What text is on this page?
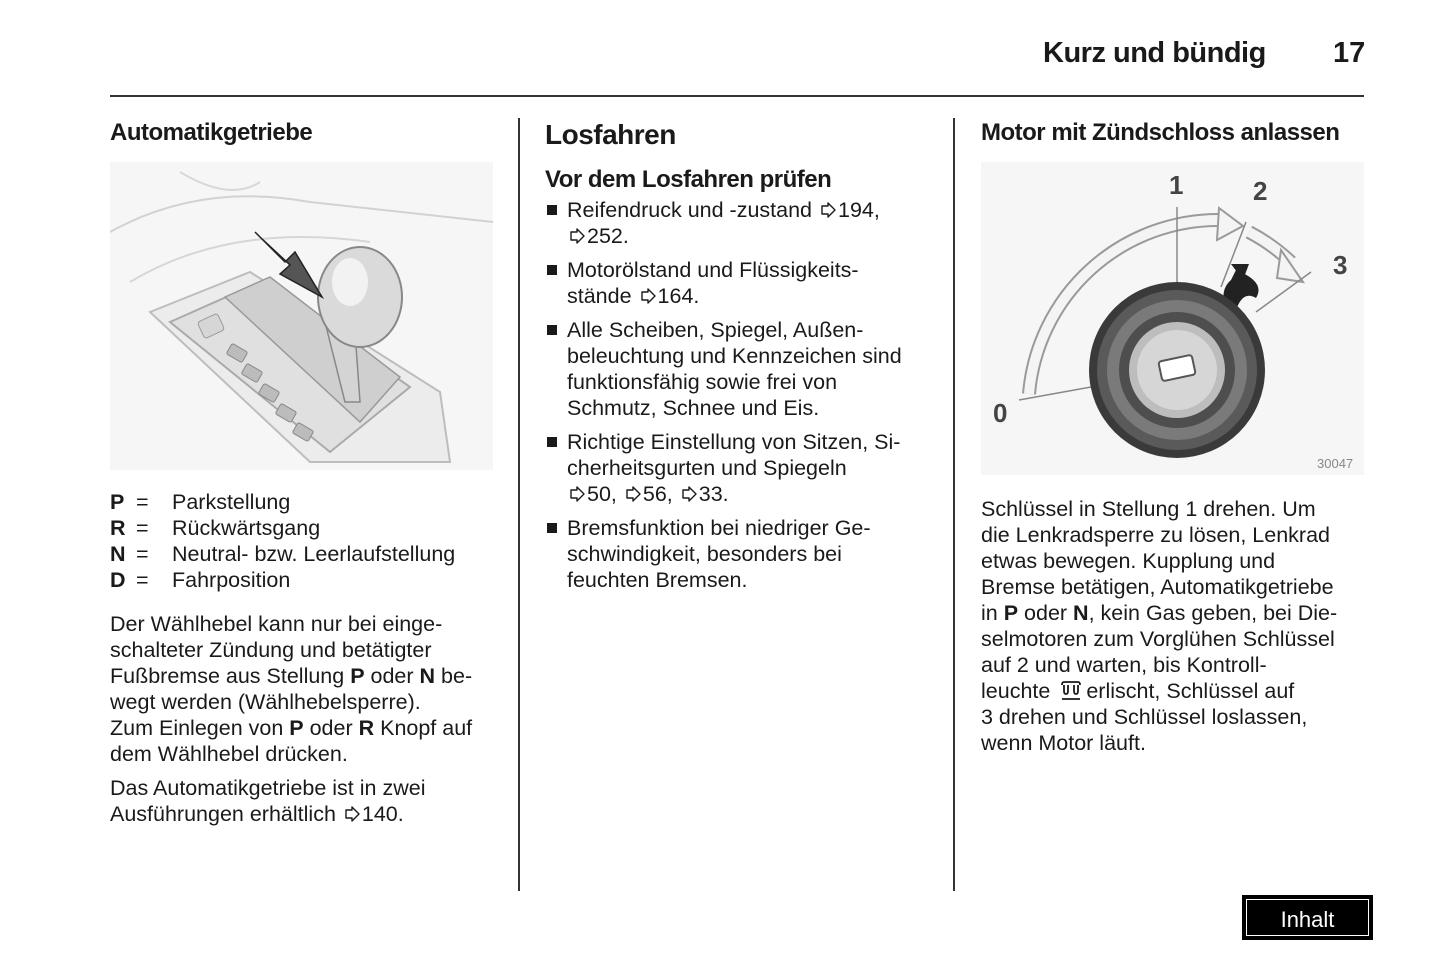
Kurz und bündig 17
Automatikgetriebe
P =	Parkstellung
R =	Rückwärtsgang
N =	Neutral- bzw. Leerlaufstellung
D =	Fahrposition

Der Wählhebel kann nur bei einge-

schalteter Zündung und betätigter

Fußbremse aus Stellung P oder N be-

wegt werden (Wählhebelsperre).

Zum Einlegen von P oder R Knopf auf

dem Wählhebel drücken.

Das Automatikgetriebe ist in zwei

Ausführungen erhältlich 140.

Losfahren
Vor dem Losfahren prüfen
Reifendruck und -zustand 194,
252.
Motorölstand und Flüssigkeits-
stände 164.
Alle Scheiben, Spiegel, Außen-
beleuchtung und Kennzeichen sind
funktionsfähig sowie frei von
Schmutz, Schnee und Eis.
Richtige Einstellung von Sitzen, Si-
cherheitsgurten und Spiegeln
50, 56, 33.
Bremsfunktion bei niedriger Ge-
schwindigkeit, besonders bei
feuchten Bremsen.
Motor mit Zündschloss anlassen
1	2
3
0
30047

Schlüssel in Stellung 1 drehen. Um

die Lenkradsperre zu lösen, Lenkrad

etwas bewegen. Kupplung und

Bremse betätigen, Automatikgetriebe

in P oder N, kein Gas geben, bei Die-

selmotoren zum Vorglühen Schlüssel

auf 2 und warten, bis Kontroll-

leuchte erlischt, Schlüssel auf

3 drehen und Schlüssel loslassen,

wenn Motor läuft.

Inhalt
